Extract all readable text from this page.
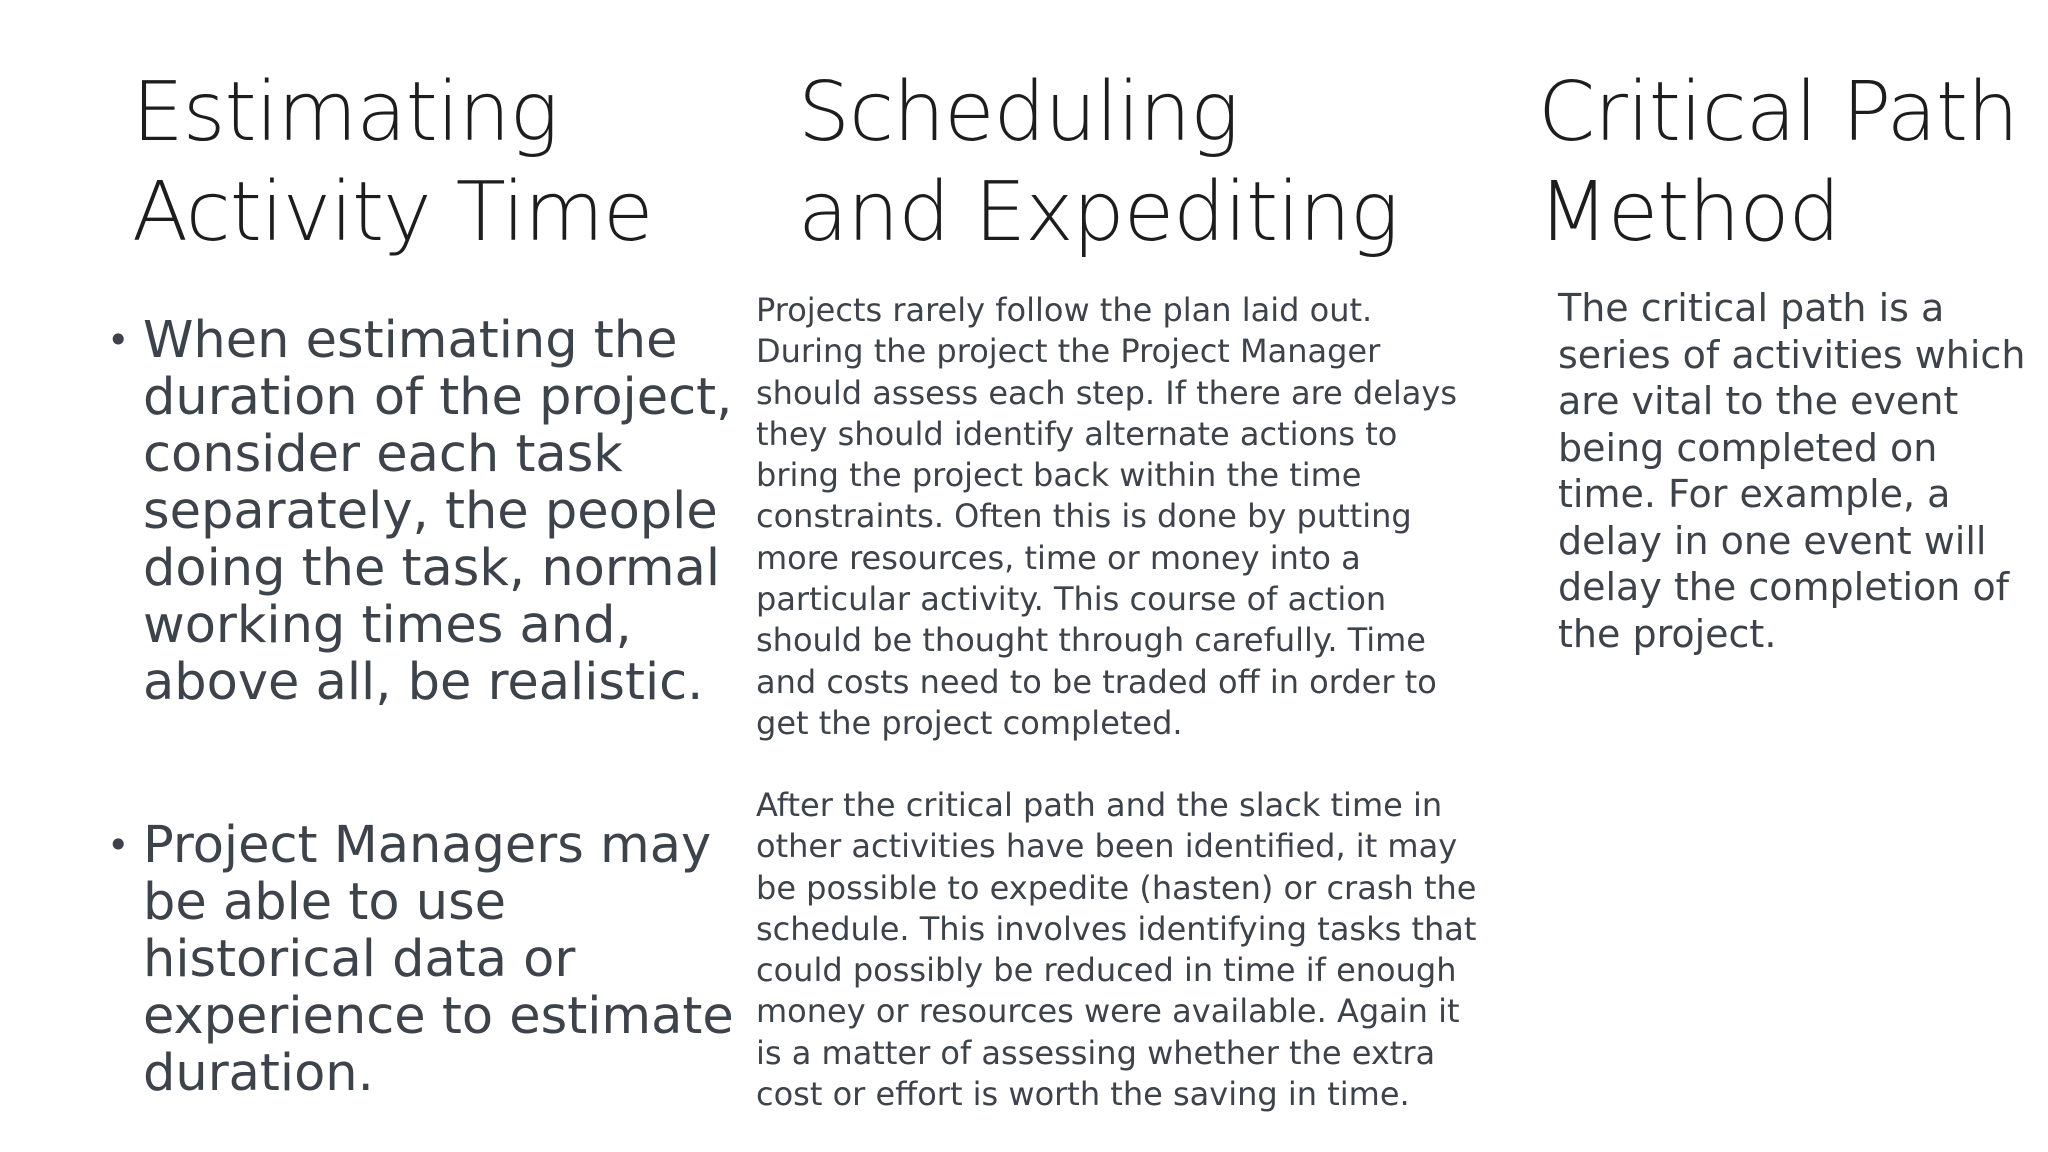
Estimating
Activity Time
• When estimating the duration of the project, consider each task separately, the people doing the task, normal working times and, above all, be realistic.
• Project Managers may be able to use historical data or experience to estimate duration.
Scheduling
and Expediting

Projects rarely follow the plan laid out. During the project the Project Manager should assess each step. If there are delays they should identify alternate actions to bring the project back within the time constraints. Often this is done by putting more resources, time or money into a particular activity. This course of action should be thought through carefully. Time and costs need to be traded off in order to get the project completed.

After the critical path and the slack time in other activities have been identified, it may be possible to expedite (hasten) or crash the schedule. This involves identifying tasks that could possibly be reduced in time if enough money or resources were available. Again it is a matter of assessing whether the extra cost or effort is worth the saving in time.

Critical Path
Method

The critical path is a series of activities which are vital to the event being completed on time. For example, a delay in one event will delay the completion of the project.
